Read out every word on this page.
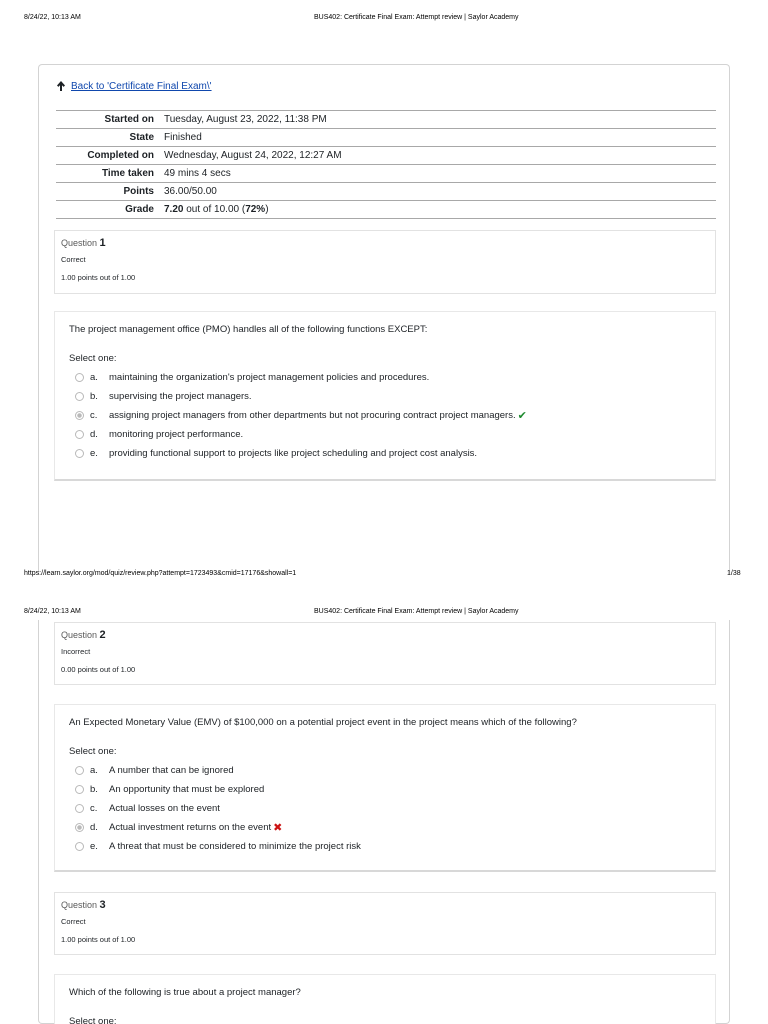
8/24/22, 10:13 AM	BUS402: Certificate Final Exam: Attempt review | Saylor Academy
Back to 'Certificate Final Exam\'
Started on	Tuesday, August 23, 2022, 11:38 PM
State	Finished
Completed on	Wednesday, August 24, 2022, 12:27 AM
Time taken	49 mins 4 secs
Points	36.00/50.00
Grade	7.20 out of 10.00 (72%)
Question 1
Correct
1.00 points out of 1.00
The project management office (PMO) handles all of the following functions EXCEPT:
Select one:
a.	maintaining the organization's project management policies and procedures.
b.	supervising the project managers.
c.	assigning project managers from other departments but not procuring contract project managers. ✔
d.	monitoring project performance.
e.	providing functional support to projects like project scheduling and project cost analysis.
https://learn.saylor.org/mod/quiz/review.php?attempt=1723493&cmid=17176&showall=1	1/38
8/24/22, 10:13 AM	BUS402: Certificate Final Exam: Attempt review | Saylor Academy
Question 2
Incorrect
0.00 points out of 1.00
An Expected Monetary Value (EMV) of $100,000 on a potential project event in the project means which of the following?
Select one:
a.	A number that can be ignored
b.	An opportunity that must be explored
c.	Actual losses on the event
d.	Actual investment returns on the event ✖
e.	A threat that must be considered to minimize the project risk
Question 3
Correct
1.00 points out of 1.00
Which of the following is true about a project manager?
Select one:
